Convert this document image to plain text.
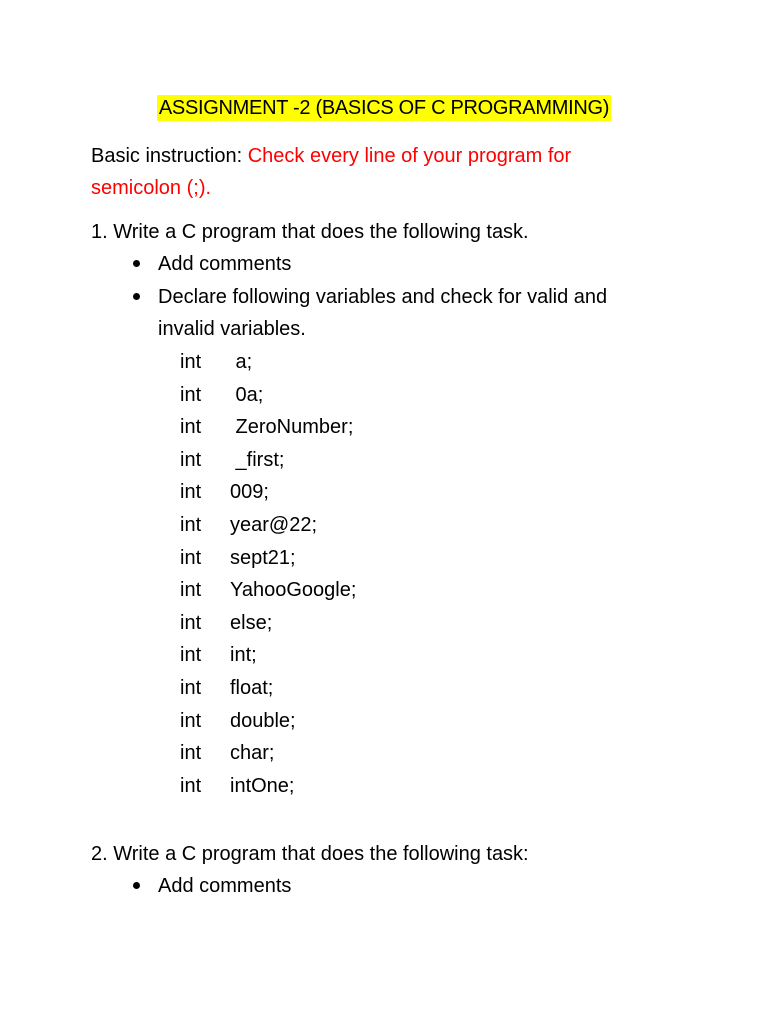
ASSIGNMENT -2 (BASICS OF C PROGRAMMING)
Basic instruction: Check every line of your program for semicolon (;).
1. Write a C program that does the following task.
Add comments
Declare following variables and check for valid and invalid variables.
int a;
int 0a;
int ZeroNumber;
int _first;
int 009;
int year@22;
int sept21;
int YahooGoogle;
int else;
int int;
int float;
int double;
int char;
int intOne;
2. Write a C program that does the following task:
Add comments
